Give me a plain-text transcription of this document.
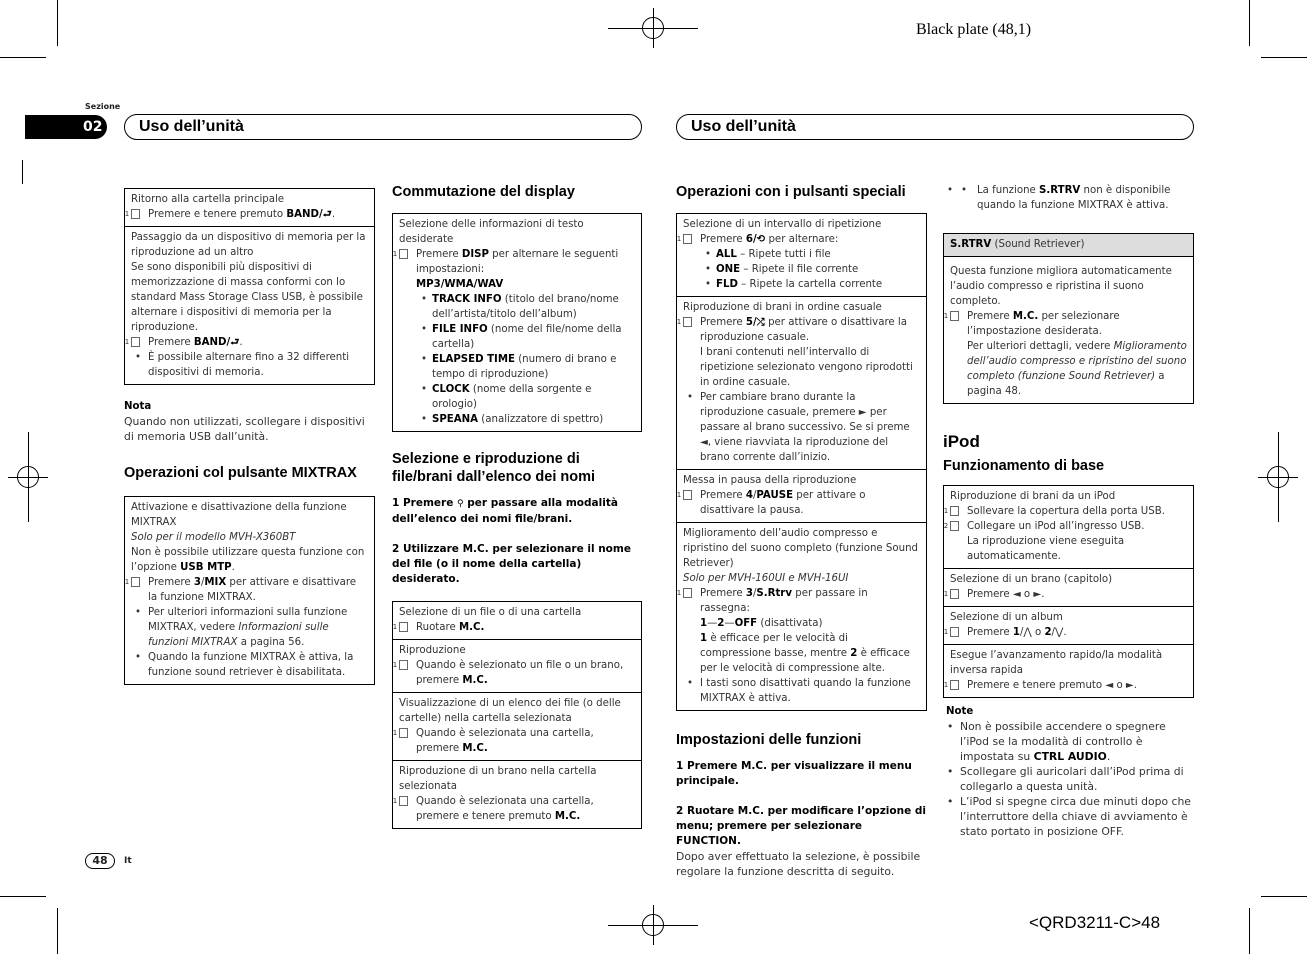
Black plate (48,1)
<QRD3211-C>48
Sezione
02	Uso dell’unità	Uso dell’unità
Ritorno alla cartella principale
1 Premere e tenere premuto BAND/⮐.
Passaggio da un dispositivo di memoria per la riproduzione ad un altro
Se sono disponibili più dispositivi di memorizzazione di massa conformi con lo standard Mass Storage Class USB, è possibile alternare i dispositivi di memoria per la riproduzione.
1 Premere BAND/⮐.
• È possibile alternare fino a 32 differenti dispositivi di memoria.
Nota
Quando non utilizzati, scollegare i dispositivi di memoria USB dall’unità.
Operazioni col pulsante MIXTRAX
Attivazione e disattivazione della funzione MIXTRAX
Solo per il modello MVH-X360BT
Non è possibile utilizzare questa funzione con l’opzione USB MTP.
1 Premere 3/MIX per attivare e disattivare la funzione MIXTRAX.
• Per ulteriori informazioni sulla funzione MIXTRAX, vedere Informazioni sulle funzioni MIXTRAX a pagina 56.
• Quando la funzione MIXTRAX è attiva, la funzione sound retriever è disabilitata.
Commutazione del display
Selezione delle informazioni di testo desiderate
1 Premere DISP per alternare le seguenti impostazioni:
MP3/WMA/WAV
• TRACK INFO (titolo del brano/nome dell’artista/titolo dell’album)
• FILE INFO (nome del file/nome della cartella)
• ELAPSED TIME (numero di brano e tempo di riproduzione)
• CLOCK (nome della sorgente e orologio)
• SPEANA (analizzatore di spettro)
Selezione e riproduzione di file/brani dall’elenco dei nomi
1 Premere ⚲ per passare alla modalità dell’elenco dei nomi file/brani.
2 Utilizzare M.C. per selezionare il nome del file (o il nome della cartella) desiderato.
Selezione di un file o di una cartella
1 Ruotare M.C.
Riproduzione
1 Quando è selezionato un file o un brano, premere M.C.
Visualizzazione di un elenco dei file (o delle cartelle) nella cartella selezionata
1 Quando è selezionata una cartella, premere M.C.
Riproduzione di un brano nella cartella selezionata
1 Quando è selezionata una cartella, premere e tenere premuto M.C.
Operazioni con i pulsanti speciali
Selezione di un intervallo di ripetizione
1 Premere 6/⟲ per alternare:
• ALL – Ripete tutti i file
• ONE – Ripete il file corrente
• FLD – Ripete la cartella corrente
Riproduzione di brani in ordine casuale
1 Premere 5/⤮ per attivare o disattivare la riproduzione casuale.
I brani contenuti nell’intervallo di ripetizione selezionato vengono riprodotti in ordine casuale.
• Per cambiare brano durante la riproduzione casuale, premere ► per passare al brano successivo. Se si preme ◄, viene riavviata la riproduzione del brano corrente dall’inizio.
Messa in pausa della riproduzione
1 Premere 4/PAUSE per attivare o disattivare la pausa.
Miglioramento dell’audio compresso e ripristino del suono completo (funzione Sound Retriever)
Solo per MVH-160UI e MVH-16UI
1 Premere 3/S.Rtrv per passare in rassegna:
1—2—OFF (disattivata)
1 è efficace per le velocità di compressione basse, mentre 2 è efficace per le velocità di compressione alte.
• I tasti sono disattivati quando la funzione MIXTRAX è attiva.
Impostazioni delle funzioni
1 Premere M.C. per visualizzare il menu principale.
2 Ruotare M.C. per modificare l’opzione di menu; premere per selezionare FUNCTION.
Dopo aver effettuato la selezione, è possibile regolare la funzione descritta di seguito.
• • La funzione S.RTRV non è disponibile quando la funzione MIXTRAX è attiva.
S.RTRV (Sound Retriever)
Questa funzione migliora automaticamente l’audio compresso e ripristina il suono completo.
1 Premere M.C. per selezionare l’impostazione desiderata.
Per ulteriori dettagli, vedere Miglioramento dell’audio compresso e ripristino del suono completo (funzione Sound Retriever) a pagina 48.
iPod
Funzionamento di base
Riproduzione di brani da un iPod
1 Sollevare la copertura della porta USB.
2 Collegare un iPod all’ingresso USB.
La riproduzione viene eseguita automaticamente.
Selezione di un brano (capitolo)
1 Premere ◄ o ►.
Selezione di un album
1 Premere 1/⋀ o 2/⋁.
Esegue l’avanzamento rapido/la modalità inversa rapida
1 Premere e tenere premuto ◄ o ►.
Note
• Non è possibile accendere o spegnere l’iPod se la modalità di controllo è impostata su CTRL AUDIO.
• Scollegare gli auricolari dall’iPod prima di collegarlo a questa unità.
• L’iPod si spegne circa due minuti dopo che l’interruttore della chiave di avviamento è stato portato in posizione OFF.
48	It
